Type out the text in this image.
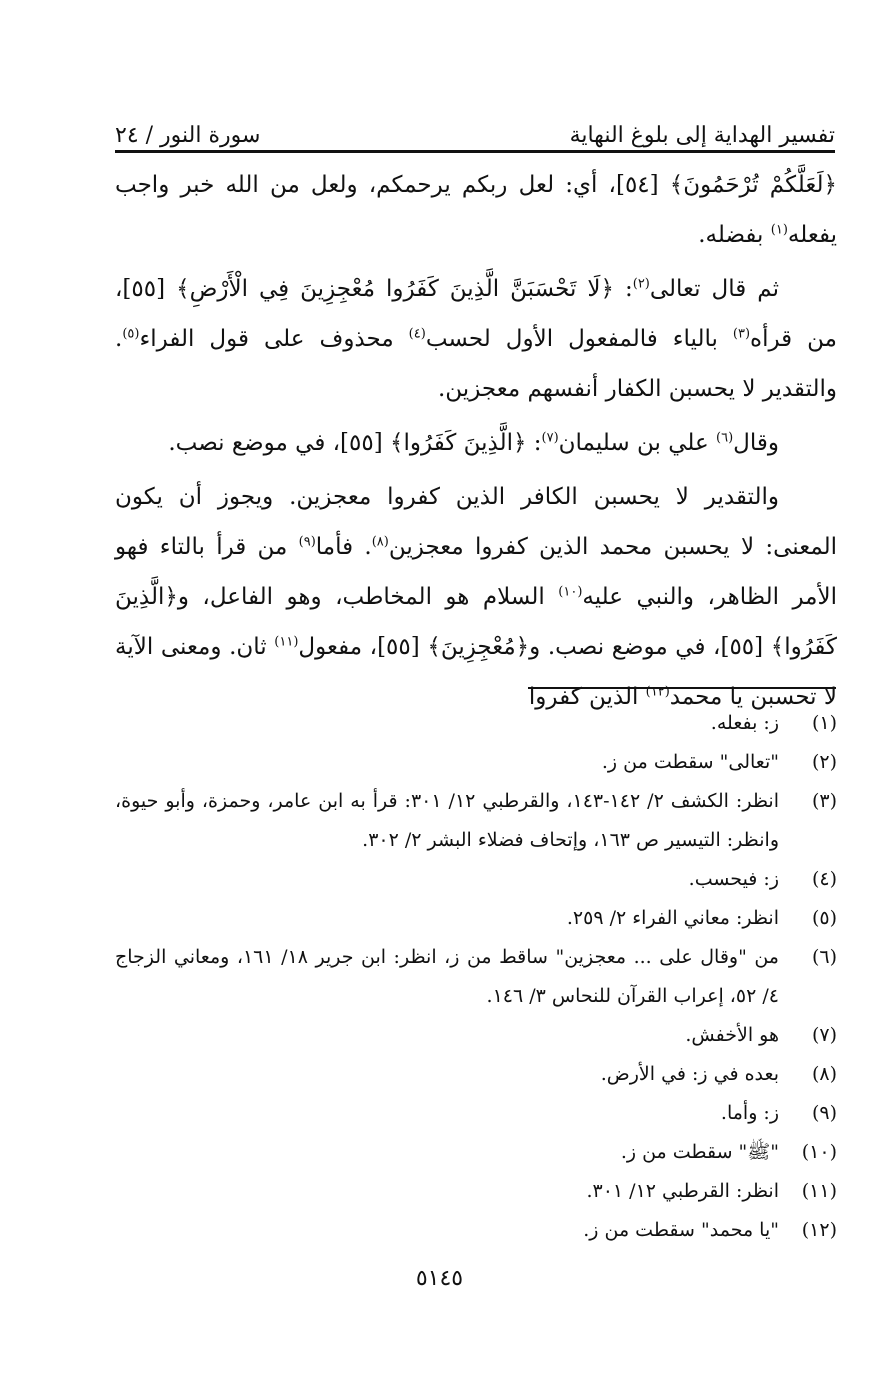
تفسير الهداية إلى بلوغ النهاية
سورة النور / ٢٤

﴿لَعَلَّكُمْ تُرْحَمُونَ﴾ [٥٤]، أي: لعل ربكم يرحمكم، ولعل من الله خبر واجب يفعله$^{(١)}$ بفضله.

ثم قال تعالى$^{(٢)}$: ﴿لَا تَحْسَبَنَّ الَّذِينَ كَفَرُوا مُعْجِزِينَ فِي الْأَرْضِ﴾ [٥٥]، من قرأه$^{(٣)}$ بالياء فالمفعول الأول لحسب$^{(٤)}$ محذوف على قول الفراء$^{(٥)}$. والتقدير لا يحسبن الكفار أنفسهم معجزين.

وقال$^{(٦)}$ علي بن سليمان$^{(٧)}$: ﴿الَّذِينَ كَفَرُوا﴾ [٥٥]، في موضع نصب.

والتقدير لا يحسبن الكافر الذين كفروا معجزين. ويجوز أن يكون المعنى: لا يحسبن محمد الذين كفروا معجزين$^{(٨)}$. فأما$^{(٩)}$ من قرأ بالتاء فهو الأمر الظاهر، والنبي عليه$^{(١٠)}$ السلام هو المخاطب، وهو الفاعل، و﴿الَّذِينَ كَفَرُوا﴾ [٥٥]، في موضع نصب. و﴿مُعْجِزِينَ﴾ [٥٥]، مفعول$^{(١١)}$ ثان. ومعنى الآية لا تحسبن يا محمد$^{(١٢)}$ الذين كفروا

(١)
ز: بفعله.
(٢)
"تعالى" سقطت من ز.
(٣)
انظر: الكشف ٢/ ١٤٢-١٤٣، والقرطبي ١٢/ ٣٠١: قرأ به ابن عامر، وحمزة، وأبو حيوة، وانظر: التيسير ص ١٦٣، وإتحاف فضلاء البشر ٢/ ٣٠٢.
(٤)
ز: فيحسب.
(٥)
انظر: معاني الفراء ٢/ ٢٥٩.
(٦)
من "وقال على ... معجزين" ساقط من ز، انظر: ابن جرير ١٨/ ١٦١، ومعاني الزجاج ٤/ ٥٢، إعراب القرآن للنحاس ٣/ ١٤٦.
(٧)
هو الأخفش.
(٨)
بعده في ز: في الأرض.
(٩)
ز: وأما.
(١٠)
"ﷺ" سقطت من ز.
(١١)
انظر: القرطبي ١٢/ ٣٠١.
(١٢)
"يا محمد" سقطت من ز.
٥١٤٥
